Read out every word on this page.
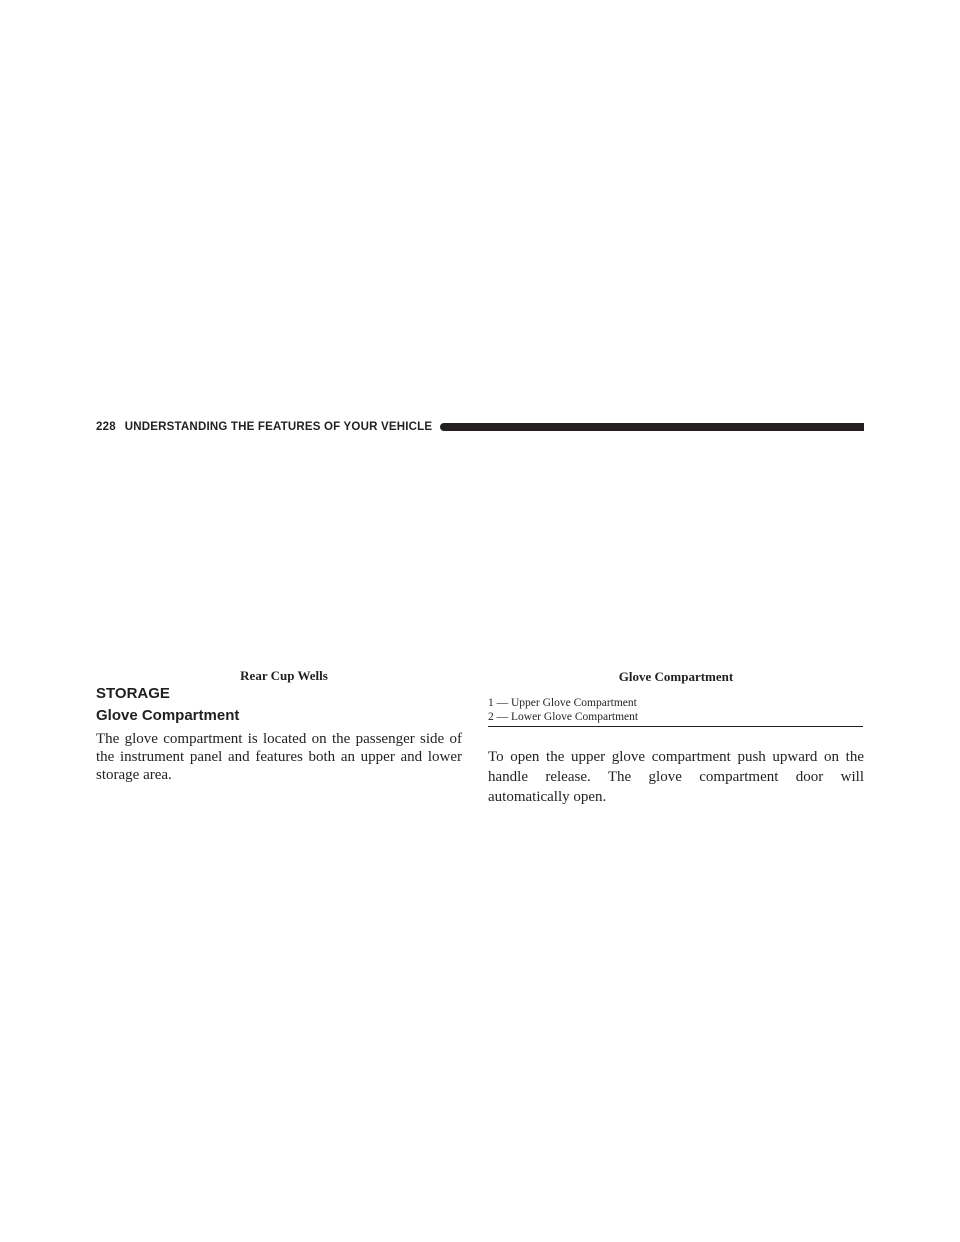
228 UNDERSTANDING THE FEATURES OF YOUR VEHICLE
Rear Cup Wells
STORAGE
Glove Compartment
The glove compartment is located on the passenger side of the instrument panel and features both an upper and lower storage area.
Glove Compartment
1 — Upper Glove Compartment
2 — Lower Glove Compartment
To open the upper glove compartment push upward on the handle release. The glove compartment door will automatically open.
